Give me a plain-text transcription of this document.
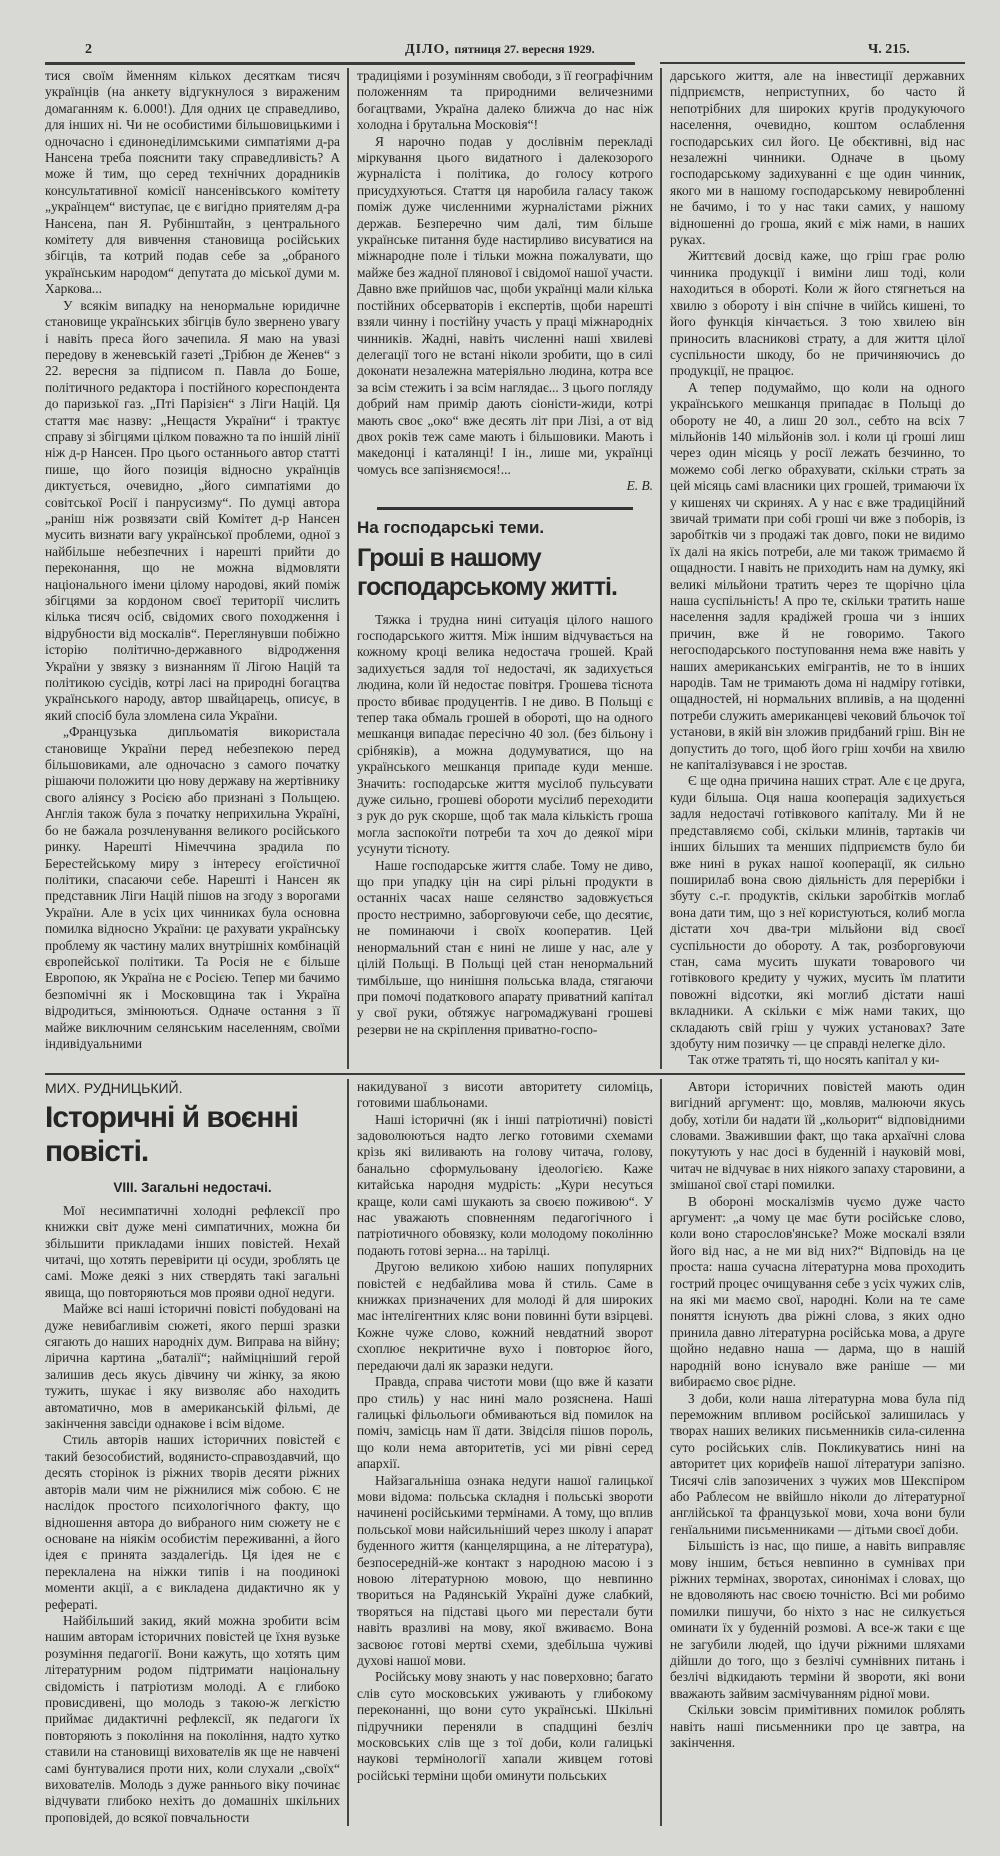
2	ДІЛО, пятниця 27. вересня 1929.	Ч. 215.

тися своїм йменням кількох десяткам тисяч українців (на анкету відгукнулося з вираженим домаганням к. 6.000!). Для одних це справедливо, для інших ні. Чи не особистими більшовицькими і одночасно і єдинонеділимськими симпатіями д-ра Нансена треба пояснити таку справедливість? А може й тим, що серед технічних дорадників консультативної комісії нансенівського комітету „українцем“ виступає, це є вигідно приятелям д-ра Нансена, пан Я. Рубінштайн, з центрального комітету для вивчення становища російських збігців, та котрий подав себе за „обраного українським народом“ депутата до міської думи м. Харкова...

У всякім випадку на ненормальне юридичне становище українських збігців було звернено увагу і навіть преса його зачепила. Я маю на увазі передову в женевській газеті „Трібюн де Женев“ з 22. вересня за підписом п. Павла до Боше, політичного редактора і постійного кореспондента до паризької газ. „Пті Парізієн“ з Ліги Націй. Ця стаття має назву: „Нещастя України“ і трактує справу зі збігцями цілком поважно та по іншій лінії ніж д-р Нансен. Про цього останнього автор статті пише, що його позиція відносно українців диктується, очевидно, „його симпатіями до совітської Росії і панрусизму“. По думці автора „раніш ніж розвязати свій Комітет д-р Нансен мусить визнати вагу української проблеми, одної з найбільше небезпечних і нарешті прийти до переконання, що не можна відмовляти національного імени цілому народові, який поміж збігцями за кордоном своєї території числить кілька тисяч осіб, свідомих свого походження і відрубности від москалів“. Переглянувши побіжно історію політично-державного відродження України у звязку з визнанням її Лігою Націй та політикою сусідів, котрі ласі на природні богацтва українського народу, автор швайцарець, описує, в який спосіб була зломлена сила України.

„Французька дипльоматія використала становище України перед небезпекою перед більшовиками, але одночасно з самого початку рішаючи положити цю нову державу на жертівнику свого аліянсу з Росією або признані з Польщею. Англія також була з початку неприхильна Україні, бо не бажала розчленування великого російського ринку. Нарешті Німеччина зрадила по Берестейському миру з інтересу егоїстичної політики, спасаючи себе. Нарешті і Нансен як представник Ліги Націй пішов на згоду з ворогами України. Але в усіх цих чинниках була основна помилка відносно України: це рахувати українську проблему як частину малих внутрішніх комбінацій європейської політики. Та Росія не є більше Европою, як Україна не є Росією. Тепер ми бачимо безпомічні як і Московщина так і Україна відродиться, змінюються. Одначе остання з її майже виключним селянським населенням, своїми індивідуальними

традиціями і розумінням свободи, з її географічним положенням та природними величезними богацтвами, Україна далеко ближча до нас ніж холодна і брутальна Московія“!

Я нарочно подав у дослівнім перекладі міркування цього видатного і далекозорого журналіста і політика, до голосу котрого присудхуються. Стаття ця наробила галасу також поміж дуже численними журналістами ріжних держав. Безперечно чим далі, тим більше українське питання буде настирливо висуватися на міжнародне поле і тільки можна пожалувати, що майже без жадної плянової і свідомої нашої участи. Давно вже прийшов час, щоби українці мали кілька постійних обсерваторів і експертів, щоби нарешті взяли чинну і постійну участь у праці міжнародніх чинників. Жадні, навіть численні наші хвилеві делегації того не встані ніколи зробити, що в силі доконати незалежна матеріяльно людина, котра все за всім стежить і за всім наглядає... З цього погляду добрий нам примір дають сіоністи-жиди, котрі мають своє „око“ вже десять літ при Лізі, а от від двох років теж саме мають і більшовики. Мають і македонці і каталянці! І ін., лише ми, українці чомусь все запізняємося!...

Е. В.

На господарські теми.
Гроші в нашому господарському житті.

Тяжка і трудна нині ситуація цілого нашого господарського життя. Між іншим відчувається на кожному кроці велика недостача грошей. Край задихується задля тої недостачі, як задихується людина, коли їй недостає повітря. Грошева тіснота просто вбиває продуцентів. І не диво. В Польщі є тепер така обмаль грошей в обороті, що на одного мешканця випадає пересічно 40 зол. (без більону і срібняків), а можна додумуватися, що на українського мешканця припаде куди менше. Значить: господарське життя мусілоб пульсувати дуже сильно, грошеві обороти мусілиб переходити з рук до рук скорше, щоб так мала кількість гроша могла заспокоїти потреби та хоч до деякої міри усунути тісноту.

Наше господарське життя слабе. Тому не диво, що при упадку цін на сирі рільні продукти в останніх часах наше селянство задовжується просто нестримно, заборговуючи себе, що десятиє, не поминаючи і своїх кооператив. Цей ненормальний стан є нині не лише у нас, але у цілій Польщі. В Польщі цей стан ненормальний тимбільше, що нинішня польська влада, стягаючи при помочі податкового апарату приватний капітал у свої руки, обтяжує нагромаджувані грошеві резерви не на скріплення приватно-госпо-

дарського життя, але на інвестиції державних підприємств, неприступних, бо часто й непотрібних для широких кругів продукуючого населення, очевидно, коштом ослаблення господарських сил його. Це обєктивні, від нас незалежні чинники. Одначе в цьому господарському задихуванні є ще один чинник, якого ми в нашому господарському невиробленні не бачимо, і то у нас таки самих, у нашому відношенні до гроша, який є між нами, в наших руках.

Життєвий досвід каже, що гріш грає ролю чинника продукції і виміни лиш тоді, коли находиться в обороті. Коли ж його стягнеться на хвилю з обороту і він спічне в чиїйсь кишені, то його функція кінчається. З тою хвилею він приносить власникові страту, а для життя цілої суспільности шкоду, бо не причиняючись до продукції, не працює.

А тепер подумаймо, що коли на одного українського мешканця припадає в Польщі до обороту не 40, а лиш 20 зол., себто на всіх 7 мільйонів 140 мільйонів зол. і коли ці гроші лиш через один місяць у росії лежать безчинно, то можемо собі легко обрахувати, скільки страть за цей місяць самі власники цих грошей, тримаючи їх у кишенях чи скринях. А у нас є вже традиційний звичай тримати при собі гроші чи вже з поборів, із заробітків чи з продажі так довго, поки не видимо їх далі на якісь потреби, але ми також тримаємо й ощадности. І навіть не приходить нам на думку, які великі мільйони тратить через те щорічно ціла наша суспільність! А про те, скільки тратить наше населення задля крадіжей гроша чи з інших причин, вже й не говоримо. Такого негосподарського поступовання нема вже навіть у наших американських емігрантів, не то в інших народів. Там не тримають дома ні надміру готівки, ощадностей, ні нормальних впливів, а на щоденні потреби служить американцеві чековий бльочок тої установи, в якій він зложив придбаний гріш. Він не допустить до того, щоб його гріш хочби на хвилю не капіталізувався і не зростав.

Є ще одна причина наших страт. Але є це друга, куди більша. Оця наша кооперація задихується задля недостачі готівкового капіталу. Ми й не представляємо собі, скільки млинів, тартаків чи інших більших та менших підприємств було би вже нині в руках нашої кооперації, як сильно поширилаб вона свою діяльність для перерібки і збуту с.-г. продуктів, скільки заробітків моглаб вона дати тим, що з неї користуються, колиб могла дістати хоч два-три мільйони від своєї суспільности до обороту. А так, розборговуючи стан, сама мусить шукати товарового чи готівкового кредиту у чужих, мусить їм платити повожні відсотки, які моглиб дістати наші вкладники. А скільки є між нами таких, що складають свій гріш у чужих установах? Зате здобуту ним позичку — це справді нелегке діло.

Так отже тратять ті, що носять капітал у ки-

МИХ. РУДНИЦЬКИЙ.
Історичні й воєнні повісті.
VIII. Загальні недостачі.

Мої несимпатичні холодні рефлексії про книжки світ дуже мені симпатичних, можна би збільшити прикладами інших повістей. Нехай читачі, що хотять перевірити ці осуди, зроблять це самі. Може деякі з них ствердять такі загальні явища, що повторяються мов прояви одної недуги.

Майже всі наші історичні повісті побудовані на дуже невибагливім сюжеті, якого перші зразки сягають до наших народніх дум. Виправа на війну; лірична картина „баталії“; найміцніший герой залишив десь якусь дівчину чи жінку, за якою тужить, шукає і яку визволяє або находить автоматично, мов в американській фільмі, де закінчення завсіди однакове і всім відоме.

Стиль авторів наших історичних повістей є такий безособистий, водянисто-справоздавчий, що десять сторінок із ріжних творів десяти ріжних авторів мали чим не ріжнилися між собою. Є не наслідок простого психологічного факту, що відношення автора до вибраного ним сюжету не є основане на ніякім особистім переживанні, а його ідея є принята заздалегідь. Ця ідея не є переклалена на ніжки типів і на поодинокі моменти акції, а є викладена дидактично як у рефераті.

Найбільший закид, який можна зробити всім нашим авторам історичних повістей це їхня вузьке розуміння педагогії. Вони кажуть, що хотять цим літературним родом підтримати національну свідомість і патріотизм молоді. А є глибоко провисдивені, що молодь з такою-ж легкістю приймає дидактичні рефлексії, як педагоги їх повторяють з покоління на покоління, надто хутко ставили на становищі вихователів як ще не навчені самі бунтувалися проти них, коли слухали „своїх“ вихователів. Молодь з дуже раннього віку починає відчувати глибоко нехіть до домашніх шкільних проповідей, до всякої повчальности

накидуваної з висоти авторитету силоміць, готовими шабльонами.

Наші історичні (як і інші патріотичні) повісті задоволюються надто легко готовими схемами крізь які виливають на голову читача, голову, банально сформульовану ідеологією. Каже китайська народня мудрість: „Кури несуться краще, коли самі шукають за своєю поживою“. У нас уважають сповненням педагогічного і патріотичного обовязку, коли молодому поколінню подають готові зерна... на тарілці.

Другою великою хибою наших популярних повістей є недбайлива мова й стиль. Саме в книжках призначених для молоді й для широких мас інтелігентних кляс вони повинні бути взірцеві. Кожне чуже слово, кожний невдатний зворот схоплює некритичне вухо і повторює його, передаючи далі як заразки недуги.

Правда, справа чистоти мови (що вже й казати про стиль) у нас нині мало розяснена. Наші галицькі фільольоги обмиваються від помилок на поміч, замісць нам її дати. Звідсіля пішов пороль, що коли нема авторитетів, усі ми рівні серед апархії.

Найзагальніша ознака недуги нашої галицької мови відома: польська складня і польські звороти начинені російськими термінами. А тому, що вплив польської мови найсильніший через школу і апарат буденного життя (канцелярщина, а не література), безпосередній-же контакт з народною масою і з новою літературною мовою, що невпинно твориться на Радянській Україні дуже слабкий, творяться на підставі цього ми перестали бути навіть вразливі на мову, якої вживаємо. Вона засвоює готові мертві схеми, здебільша чуживі духові нашої мови.

Російську мову знають у нас поверховно; багато слів суто московських уживають у глибокому переконанні, що вони суто українські. Шкільні підручники переняли в спадщині безліч московських слів ще з тої доби, коли галицькі наукові термінології хапали живцем готові російські терміни щоби оминути польських

Автори історичних повістей мають один вигідний аргумент: що, мовляв, малюючи якусь добу, хотіли би надати їй „кольорит“ відповідними словами. Зважившии факт, що така архаїчні слова покутують у нас досі в буденній і науковій мові, читач не відчуває в них ніякого запаху старовини, а змішаної свої старі помилки.

В обороні москалізмів чуємо дуже часто аргумент: „а чому це має бути російське слово, коли воно старослов'янське? Може москалі взяли його від нас, а не ми від них?“ Відповідь на це проста: наша сучасна літературна мова проходить гострий процес очищування себе з усіх чужих слів, на які ми маємо свої, народні. Коли на те саме поняття існують два ріжні слова, з яких одно принила давно літературна російська мова, а друге щойно недавно наша — дарма, що в нашій народній воно існувало вже раніше — ми вибираємо своє рідне.

З доби, коли наша літературна мова була під переможним впливом російської залишилась у творах наших великих письменників сила-силенна суто російських слів. Покликуватись нині на авторитет цих корифеїв нашої літератури запізно. Тисячі слів запозичених з чужих мов Шекспіром або Раблесом не ввійшло ніколи до літературної англійської та французької мови, хоча вони були генїальними письменниками — дітьми своєї доби.

Більшість із нас, що пише, а навіть виправляє мову іншим, бється невпинно в сумнівах при ріжних термінах, зворотах, синонімах і словах, що не вдоволяють нас своєю точністю. Всі ми робимо помилки пишучи, бо ніхто з нас не силкується оминати їх у буденній розмові. А все-ж таки є ще не загубили людей, що ідучи ріжними шляхами дійшли до того, що з безлічі сумнівних питань і безлічі відкидають терміни й звороти, які вони вважають зайвим засмічуванням рідної мови.

Скільки зовсім примітивних помилок роблять навіть наші письменники про це завтра, на закінчення.
